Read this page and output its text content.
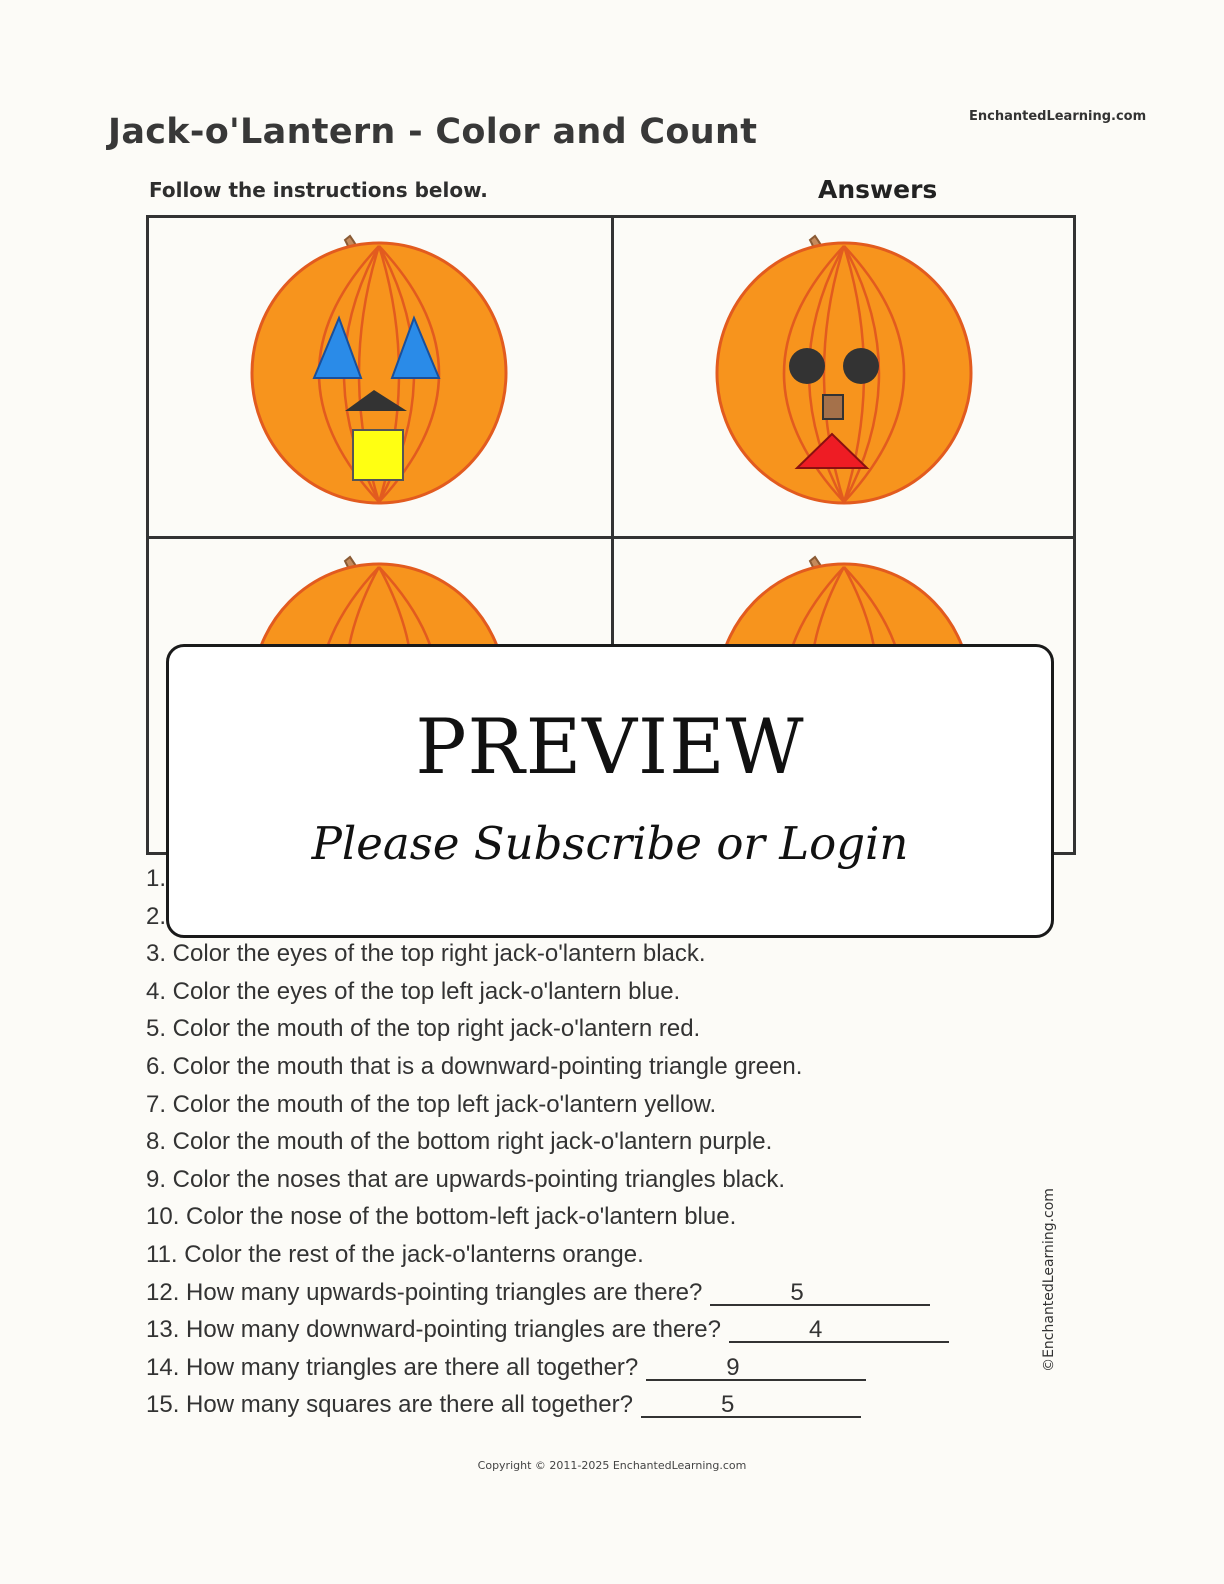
EnchantedLearning.com
Jack-o'Lantern - Color and Count
Follow the instructions below.	Answers
1.
2.
3. Color the eyes of the top right jack-o'lantern black.
4. Color the eyes of the top left jack-o'lantern blue.
5. Color the mouth of the top right jack-o'lantern red.
6. Color the mouth that is a downward-pointing triangle green.
7. Color the mouth of the top left jack-o'lantern yellow.
8. Color the mouth of the bottom right jack-o'lantern purple.
9. Color the noses that are upwards-pointing triangles black.
10. Color the nose of the bottom-left jack-o'lantern blue.
11. Color the rest of the jack-o'lanterns orange.
12. How many upwards-pointing triangles are there?	5
13. How many downward-pointing triangles are there?	4
14. How many triangles are there all together?	9
15. How many squares are there all together?	5
©EnchantedLearning.com
Copyright © 2011-2025 EnchantedLearning.com
PREVIEW
Please Subscribe or Login
